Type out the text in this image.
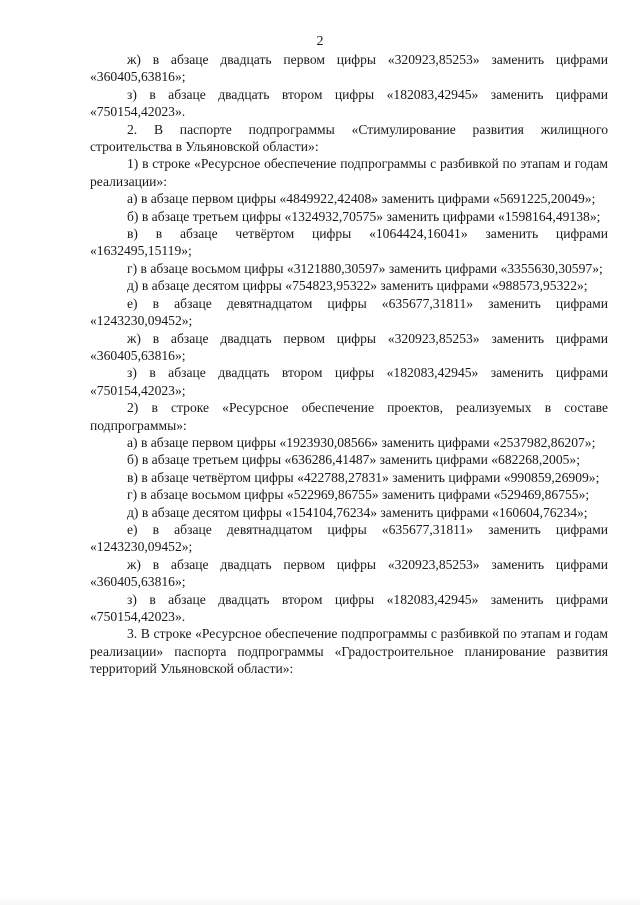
2

ж) в абзаце двадцать первом цифры «320923,85253» заменить цифрами «360405,63816»;

з) в абзаце двадцать втором цифры «182083,42945» заменить цифрами «750154,42023».

2. В паспорте подпрограммы «Стимулирование развития жилищного строительства в Ульяновской области»:

1) в строке «Ресурсное обеспечение подпрограммы с разбивкой по этапам и годам реализации»:

а) в абзаце первом цифры «4849922,42408» заменить цифрами «5691225,20049»;

б) в абзаце третьем цифры «1324932,70575» заменить цифрами «1598164,49138»;

в) в абзаце четвёртом цифры «1064424,16041» заменить цифрами «1632495,15119»;

г) в абзаце восьмом цифры «3121880,30597» заменить цифрами «3355630,30597»;

д) в абзаце десятом цифры «754823,95322» заменить цифрами «988573,95322»;

е) в абзаце девятнадцатом цифры «635677,31811» заменить цифрами «1243230,09452»;

ж) в абзаце двадцать первом цифры «320923,85253» заменить цифрами «360405,63816»;

з) в абзаце двадцать втором цифры «182083,42945» заменить цифрами «750154,42023»;

2) в строке «Ресурсное обеспечение проектов, реализуемых в составе подпрограммы»:

а) в абзаце первом цифры «1923930,08566» заменить цифрами «2537982,86207»;

б) в абзаце третьем цифры «636286,41487» заменить цифрами «682268,2005»;

в) в абзаце четвёртом цифры «422788,27831» заменить цифрами «990859,26909»;

г) в абзаце восьмом цифры «522969,86755» заменить цифрами «529469,86755»;

д) в абзаце десятом цифры «154104,76234» заменить цифрами «160604,76234»;

е) в абзаце девятнадцатом цифры «635677,31811» заменить цифрами «1243230,09452»;

ж) в абзаце двадцать первом цифры «320923,85253» заменить цифрами «360405,63816»;

з) в абзаце двадцать втором цифры «182083,42945» заменить цифрами «750154,42023».

3. В строке «Ресурсное обеспечение подпрограммы с разбивкой по этапам и годам реализации» паспорта подпрограммы «Градостроительное планирование развития территорий Ульяновской области»:
